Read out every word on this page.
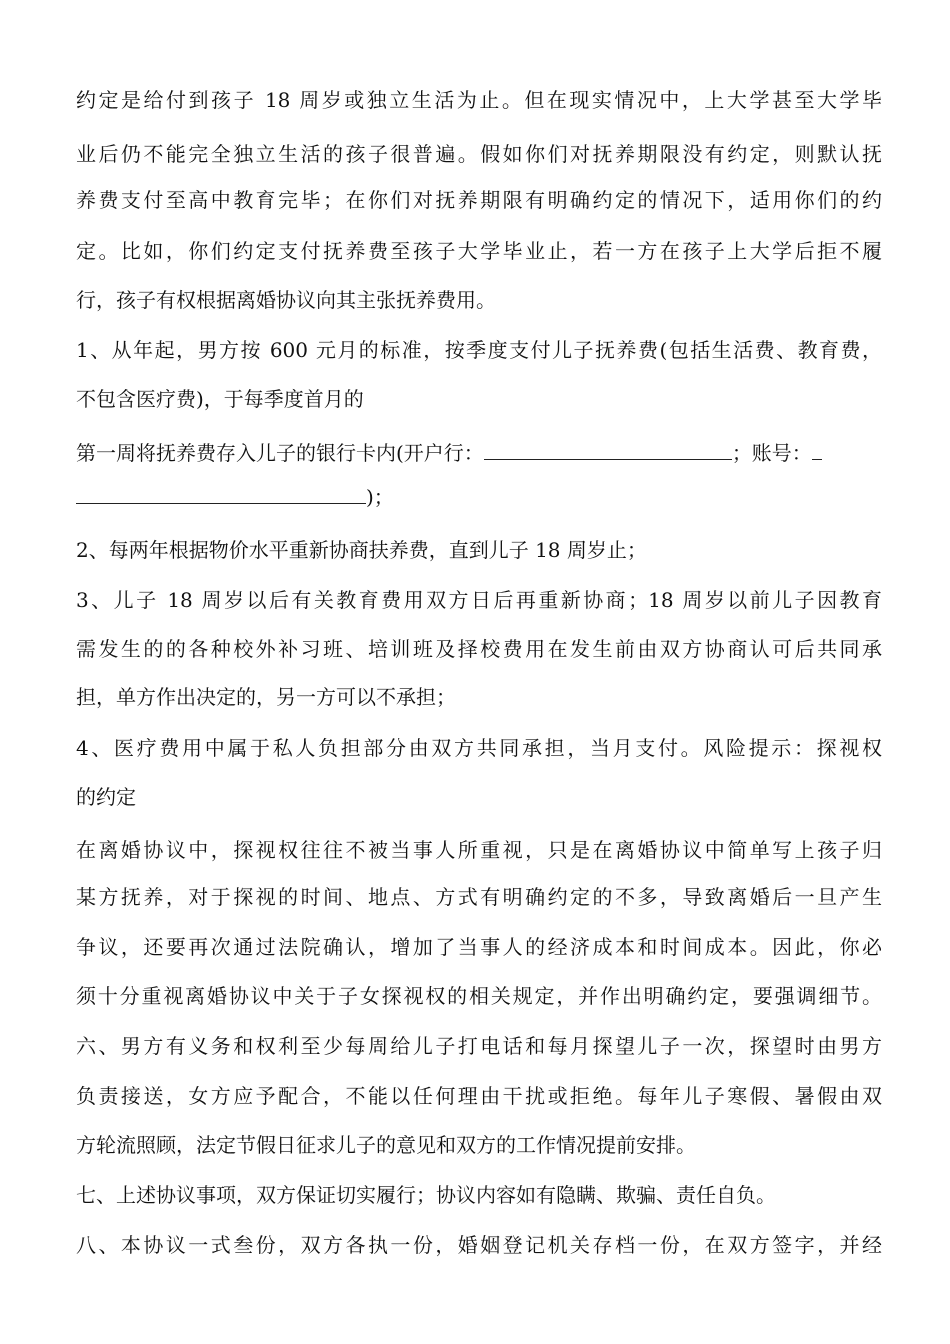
约定是给付到孩子 18 周岁或独立生活为止。但在现实情况中，上大学甚至大学毕
业后仍不能完全独立生活的孩子很普遍。假如你们对抚养期限没有约定，则默认抚
养费支付至高中教育完毕；在你们对抚养期限有明确约定的情况下，适用你们的约
定。比如，你们约定支付抚养费至孩子大学毕业止，若一方在孩子上大学后拒不履
行，孩子有权根据离婚协议向其主张抚养费用。
1、从年起，男方按 600 元月的标准，按季度支付儿子抚养费(包括生活费、教育费，
不包含医疗费)，于每季度首月的
第一周将抚养费存入儿子的银行卡内(开户行：	；账号：
)；
2、每两年根据物价水平重新协商扶养费，直到儿子 18 周岁止；
3、儿子 18 周岁以后有关教育费用双方日后再重新协商；18 周岁以前儿子因教育
需发生的的各种校外补习班、培训班及择校费用在发生前由双方协商认可后共同承
担，单方作出决定的，另一方可以不承担；
4、医疗费用中属于私人负担部分由双方共同承担，当月支付。风险提示：探视权
的约定
在离婚协议中，探视权往往不被当事人所重视，只是在离婚协议中简单写上孩子归
某方抚养，对于探视的时间、地点、方式有明确约定的不多，导致离婚后一旦产生
争议，还要再次通过法院确认，增加了当事人的经济成本和时间成本。因此，你必
须十分重视离婚协议中关于子女探视权的相关规定，并作出明确约定，要强调细节。
六、男方有义务和权利至少每周给儿子打电话和每月探望儿子一次，探望时由男方
负责接送，女方应予配合，不能以任何理由干扰或拒绝。每年儿子寒假、暑假由双
方轮流照顾，法定节假日征求儿子的意见和双方的工作情况提前安排。
七、上述协议事项，双方保证切实履行；协议内容如有隐瞒、欺骗、责任自负。
八、本协议一式叁份，双方各执一份，婚姻登记机关存档一份，在双方签字，并经
